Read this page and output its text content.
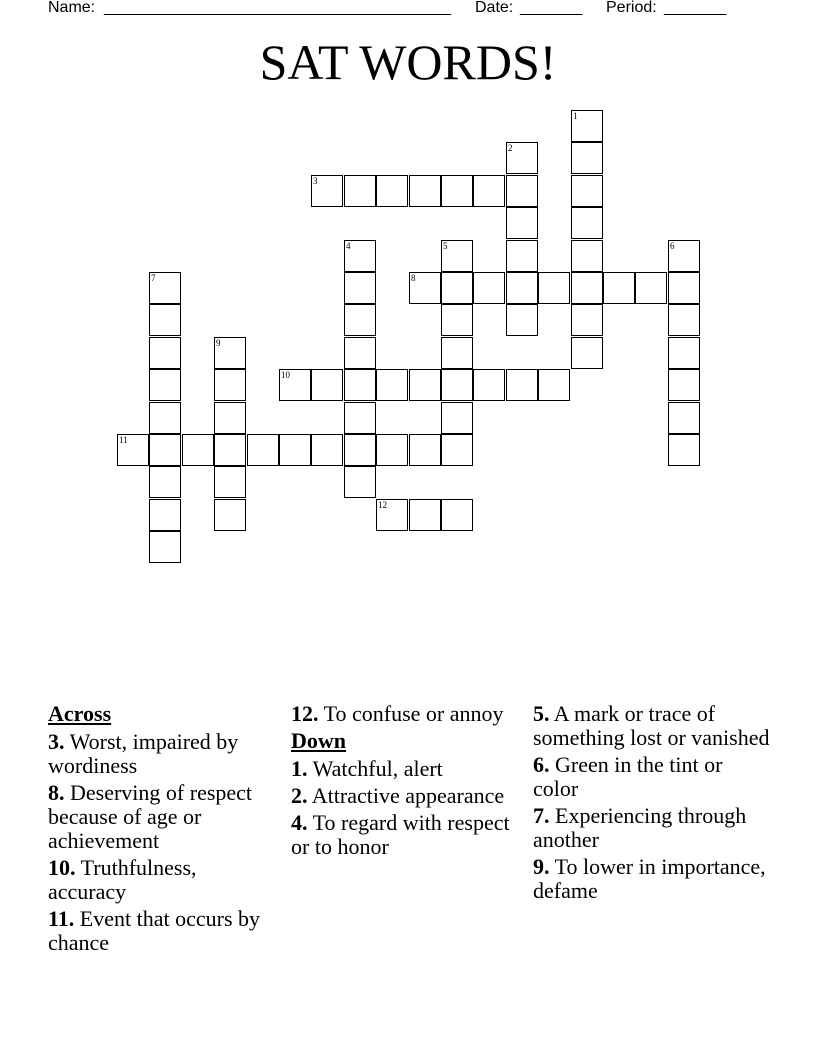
Name: _______________________________________ Date: _______ Period: _______
SAT WORDS!
1
2
3
4	5	6
7	8
9
10
11
12
Across
3. Worst, impaired by wordiness
8. Deserving of respect because of age or achievement
10. Truthfulness, accuracy
11. Event that occurs by chance
12. To confuse or annoy
Down
1. Watchful, alert
2. Attractive appearance
4. To regard with respect or to honor
5. A mark or trace of something lost or vanished
6. Green in the tint or color
7. Experiencing through another
9. To lower in importance, defame
